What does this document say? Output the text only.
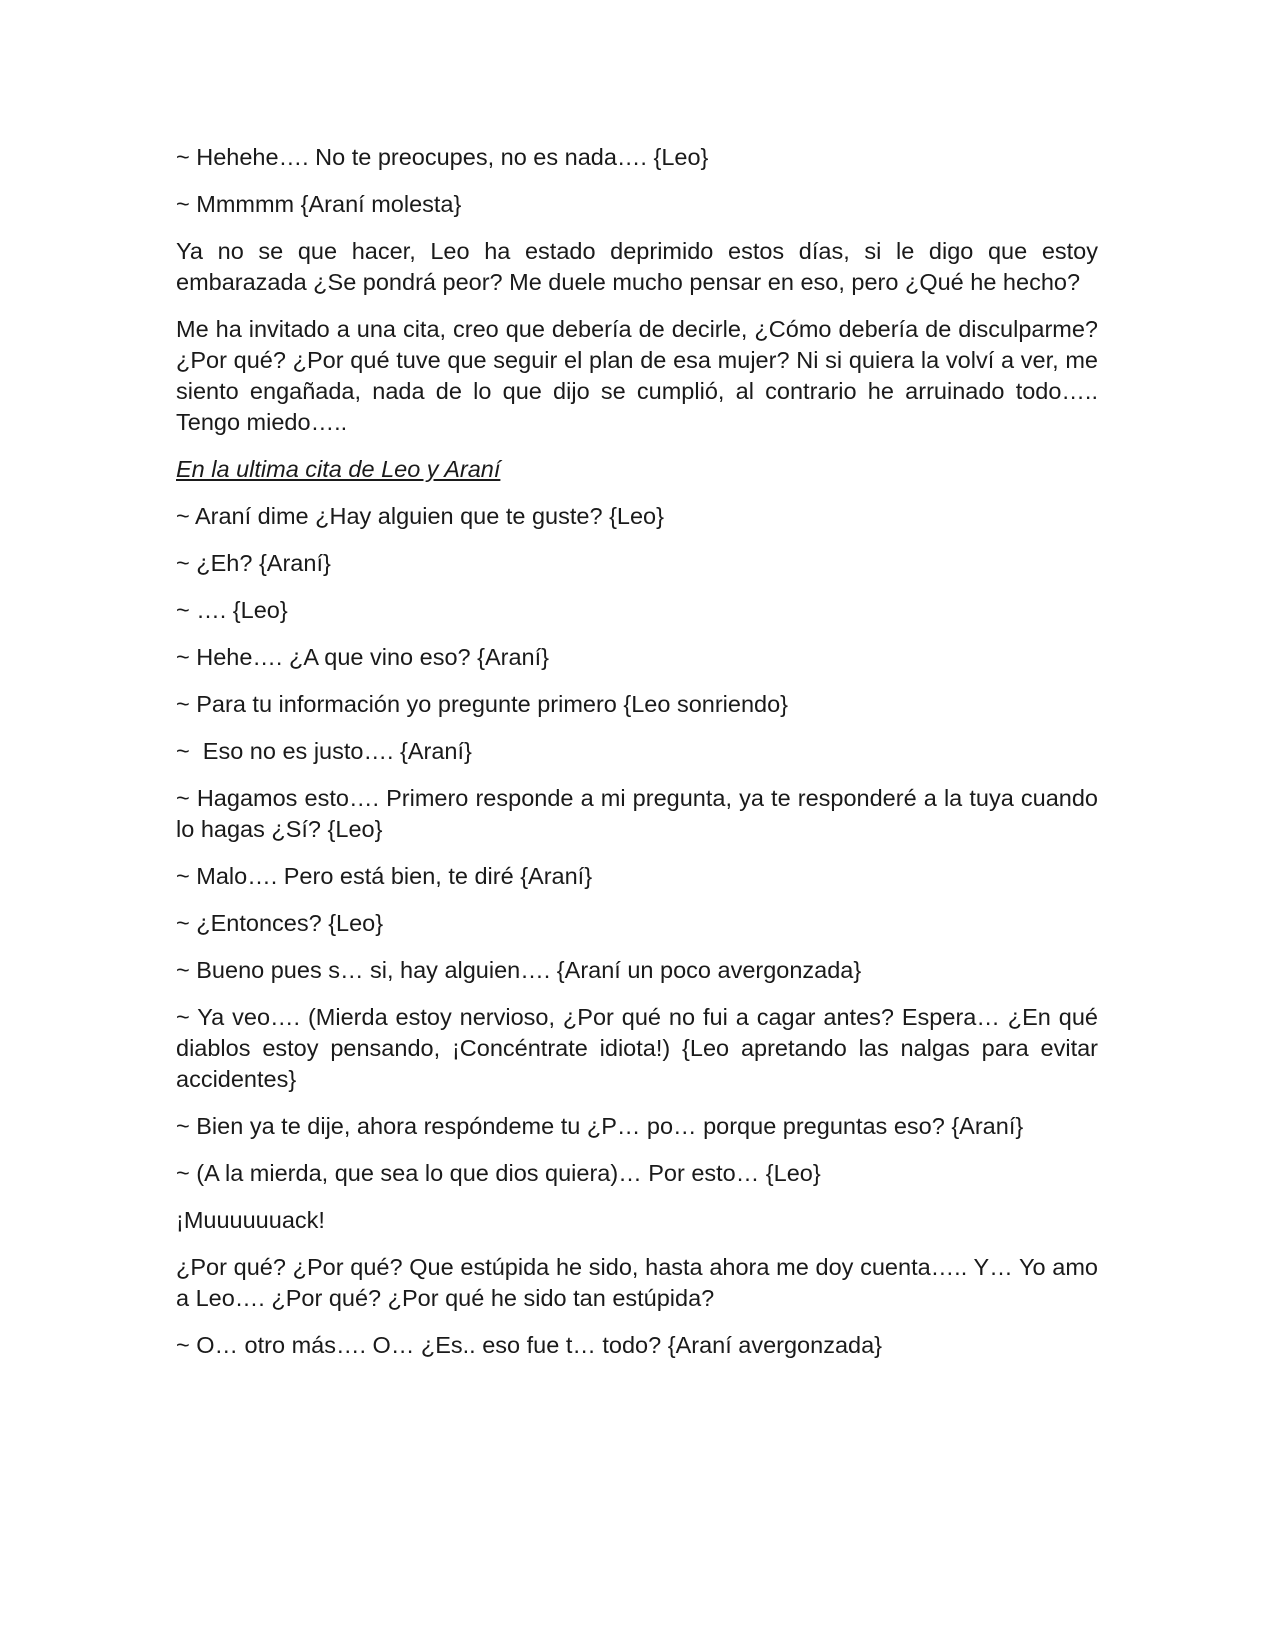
~ Hehehe…. No te preocupes, no es nada…. {Leo}

~ Mmmmm {Araní molesta}

Ya no se que hacer, Leo ha estado deprimido estos días, si le digo que estoy embarazada ¿Se pondrá peor? Me duele mucho pensar en eso, pero ¿Qué he hecho?

Me ha invitado a una cita, creo que debería de decirle, ¿Cómo debería de disculparme? ¿Por qué? ¿Por qué tuve que seguir el plan de esa mujer? Ni si quiera la volví a ver, me siento engañada, nada de lo que dijo se cumplió, al contrario he arruinado todo….. Tengo miedo…..

En la ultima cita de Leo y Araní

~ Araní dime ¿Hay alguien que te guste? {Leo}

~ ¿Eh? {Araní}

~ …. {Leo}

~ Hehe…. ¿A que vino eso? {Araní}

~ Para tu información yo pregunte primero {Leo sonriendo}

~  Eso no es justo…. {Araní}

~ Hagamos esto…. Primero responde a mi pregunta, ya te responderé a la tuya cuando lo hagas ¿Sí? {Leo}

~ Malo…. Pero está bien, te diré {Araní}

~ ¿Entonces? {Leo}

~ Bueno pues s… si, hay alguien…. {Araní un poco avergonzada}

~ Ya veo…. (Mierda estoy nervioso, ¿Por qué no fui a cagar antes? Espera… ¿En qué diablos estoy pensando, ¡Concéntrate idiota!) {Leo apretando las nalgas para evitar accidentes}

~ Bien ya te dije, ahora respóndeme tu ¿P… po… porque preguntas eso? {Araní}

~ (A la mierda, que sea lo que dios quiera)… Por esto… {Leo}

¡Muuuuuuack!

¿Por qué? ¿Por qué? Que estúpida he sido, hasta ahora me doy cuenta….. Y… Yo amo a Leo…. ¿Por qué? ¿Por qué he sido tan estúpida?

~ O… otro más…. O… ¿Es.. eso fue t… todo? {Araní avergonzada}
